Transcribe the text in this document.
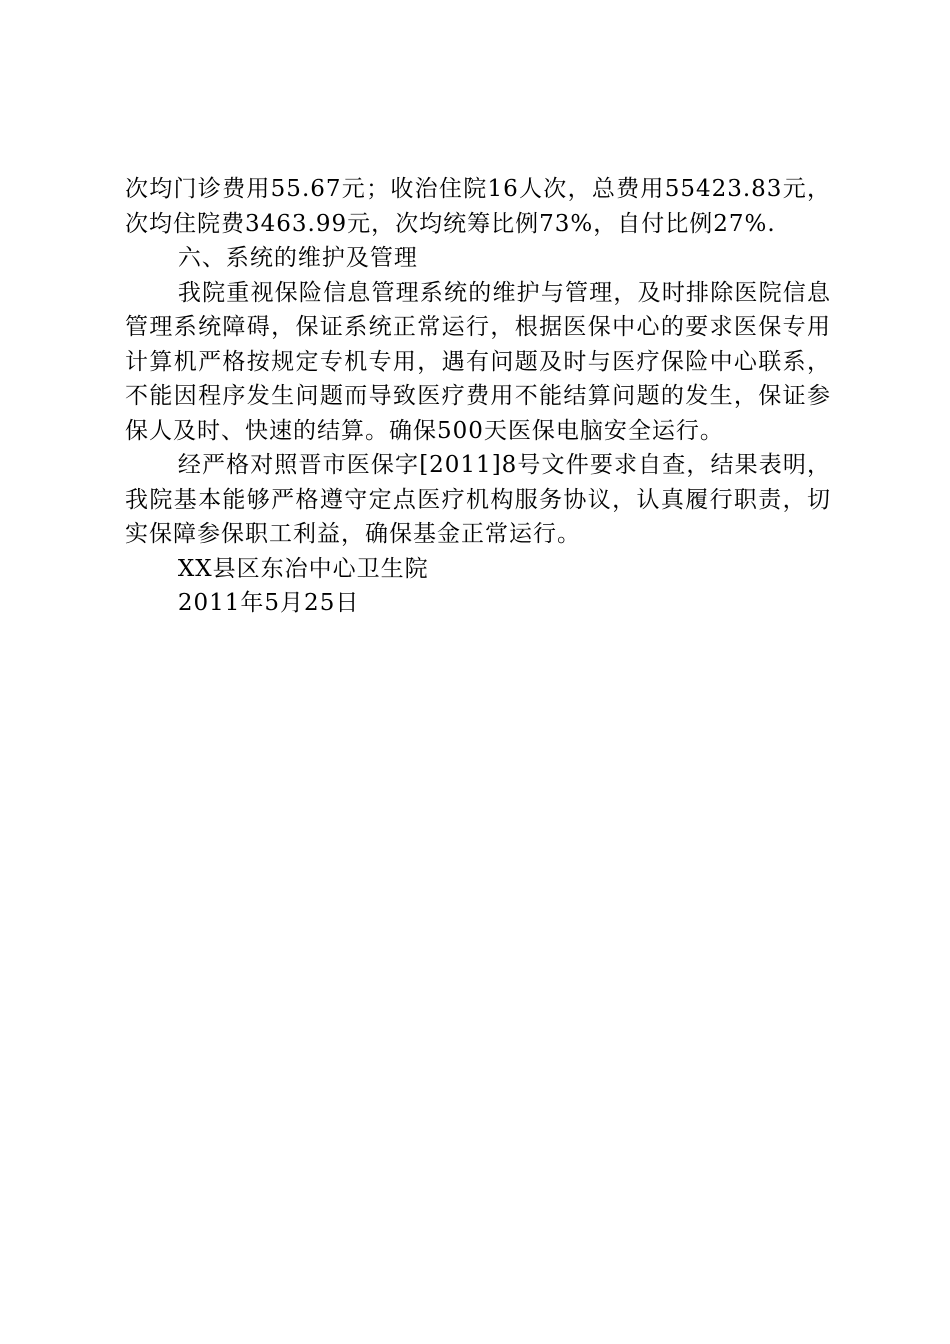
次均门诊费用55.67元；收治住院16人次，总费用55423.83元，次均住院费3463.99元，次均统筹比例73%，自付比例27%.

六、系统的维护及管理

我院重视保险信息管理系统的维护与管理，及时排除医院信息管理系统障碍，保证系统正常运行，根据医保中心的要求医保专用计算机严格按规定专机专用，遇有问题及时与医疗保险中心联系，不能因程序发生问题而导致医疗费用不能结算问题的发生，保证参保人及时、快速的结算。确保500天医保电脑安全运行。

经严格对照晋市医保字[2011]8号文件要求自查，结果表明，我院基本能够严格遵守定点医疗机构服务协议，认真履行职责，切实保障参保职工利益，确保基金正常运行。

XX县区东冶中心卫生院

2011年5月25日
